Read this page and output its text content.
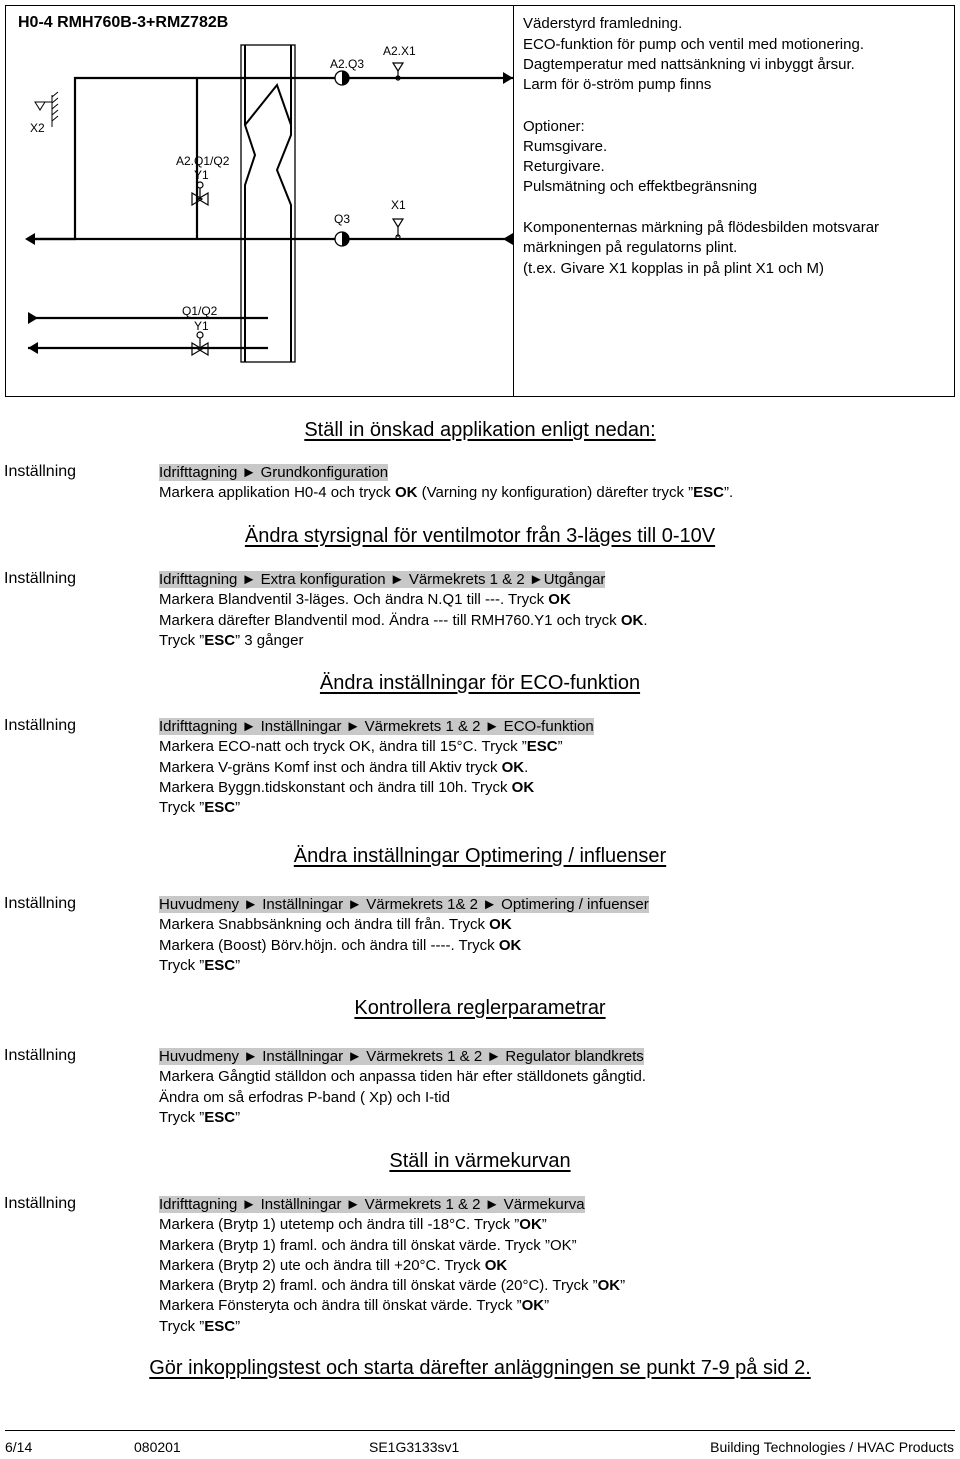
H0-4 RMH760B-3+RMZ782B
A2.Q3
A2.X1
X2
A2.Q1/Q2
Y1
Q3
X1
Q1/Q2
Y1
Väderstyrd framledning.
ECO-funktion för pump och ventil med motionering.
Dagtemperatur med nattsänkning vi inbyggt årsur.
Larm för ö-ström pump finns
Optioner:
Rumsgivare.
Returgivare.
Pulsmätning och effektbegränsning
Komponenternas märkning på flödesbilden motsvarar
märkningen på regulatorns plint.
(t.ex. Givare X1 kopplas in på plint X1 och M)
Ställ in önskad applikation enligt nedan:
Inställning	Idrifttagning ► Grundkonfiguration
Markera applikation H0-4 och tryck OK (Varning ny konfiguration) därefter tryck ”ESC”.
Ändra styrsignal för ventilmotor från 3-läges till 0-10V
Inställning	Idrifttagning ► Extra konfiguration ► Värmekrets 1 & 2 ►Utgångar
Markera Blandventil 3-läges. Och ändra N.Q1 till ---. Tryck OK
Markera därefter Blandventil mod. Ändra --- till RMH760.Y1 och tryck OK.
Tryck ”ESC” 3 gånger
Ändra inställningar för ECO-funktion
Inställning	Idrifttagning ► Inställningar ► Värmekrets 1 & 2 ► ECO-funktion
Markera ECO-natt och tryck OK, ändra till 15°C. Tryck ”ESC”
Markera V-gräns Komf inst och ändra till Aktiv tryck OK.
Markera Byggn.tidskonstant och ändra till 10h. Tryck OK
Tryck ”ESC”
Ändra inställningar Optimering / influenser
Inställning	Huvudmeny ► Inställningar ► Värmekrets 1& 2 ► Optimering / infuenser
Markera Snabbsänkning och ändra till från. Tryck OK
Markera (Boost) Börv.höjn. och ändra till ----. Tryck OK
Tryck ”ESC”
Kontrollera reglerparametrar
Inställning	Huvudmeny ► Inställningar ► Värmekrets 1 & 2 ► Regulator blandkrets
Markera Gångtid ställdon och anpassa tiden här efter ställdonets gångtid.
Ändra om så erfodras P-band ( Xp) och I-tid
Tryck ”ESC”
Ställ in värmekurvan
Inställning	Idrifttagning ► Inställningar ► Värmekrets 1 & 2 ► Värmekurva
Markera (Brytp 1) utetemp och ändra till -18°C. Tryck ”OK”
Markera (Brytp 1) framl. och ändra till önskat värde. Tryck ”OK”
Markera (Brytp 2) ute och ändra till +20°C. Tryck OK
Markera (Brytp 2) framl. och ändra till önskat värde (20°C). Tryck ”OK”
Markera Fönsteryta och ändra till önskat värde. Tryck ”OK”
Tryck ”ESC”
Gör inkopplingstest och starta därefter anläggningen se punkt 7-9 på sid 2.
6/14	080201	SE1G3133sv1	Building Technologies / HVAC Products
